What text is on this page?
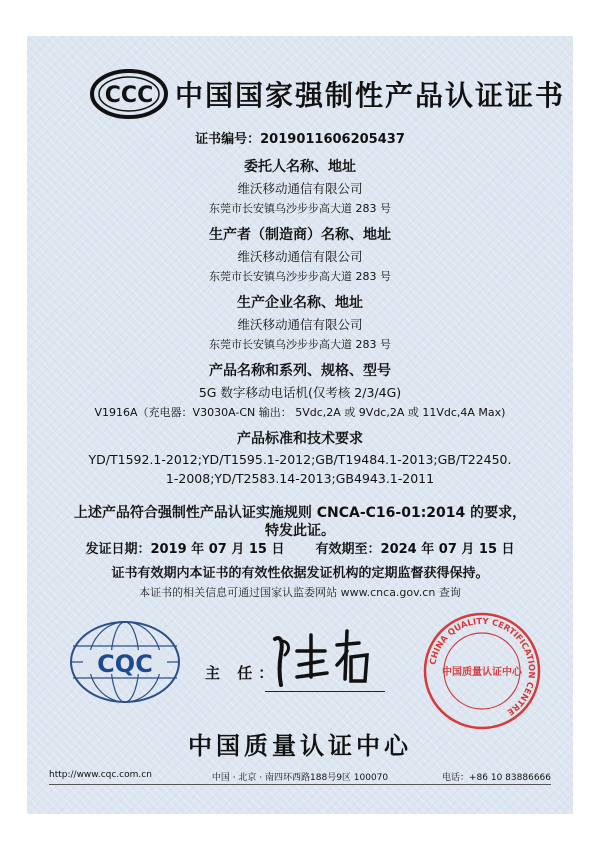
CCC 中国国家强制性产品认证证书
证书编号：2019011606205437
委托人名称、地址
维沃移动通信有限公司
东莞市长安镇乌沙步步高大道 283 号
生产者（制造商）名称、地址
维沃移动通信有限公司
东莞市长安镇乌沙步步高大道 283 号
生产企业名称、地址
维沃移动通信有限公司
东莞市长安镇乌沙步步高大道 283 号
产品名称和系列、规格、型号
5G 数字移动电话机(仅考核 2/3/4G)
V1916A（充电器：V3030A-CN 输出： 5Vdc,2A 或 9Vdc,2A 或 11Vdc,4A Max)
产品标准和技术要求
YD/T1592.1-2012;YD/T1595.1-2012;GB/T19484.1-2013;GB/T22450.
1-2008;YD/T2583.14-2013;GB4943.1-2011
上述产品符合强制性产品认证实施规则 CNCA-C16-01:2014 的要求，
特发此证。
发证日期：2019 年 07 月 15 日 有效期至：2024 年 07 月 15 日
证书有效期内本证书的有效性依据发证机构的定期监督获得保持。
本证书的相关信息可通过国家认监委网站 www.cnca.gov.cn 查询
CQC	主 任：
CHINA QUALITY CERTIFICATION CENTRE
中国质量认证中心
中国质量认证中心
http://www.cqc.com.cn	中国 · 北京 · 南四环西路188号9区 100070	电话：+86 10 83886666
